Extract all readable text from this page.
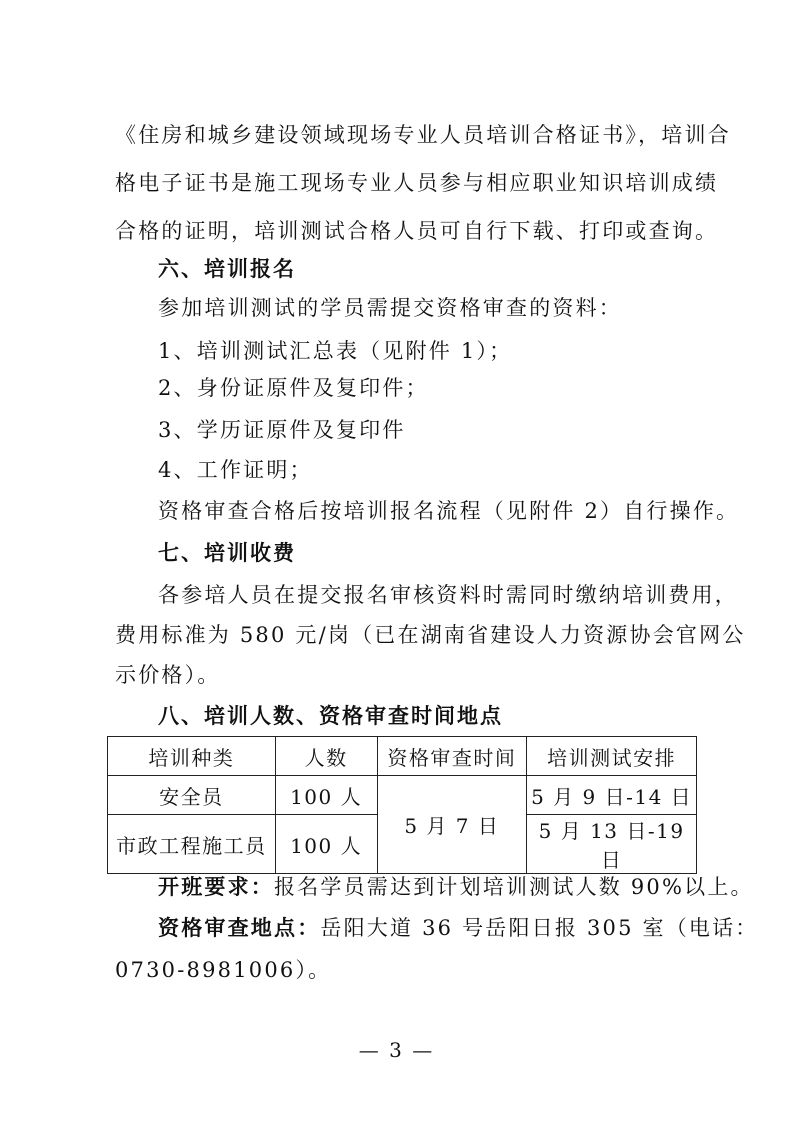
《住房和城乡建设领域现场专业人员培训合格证书》，培训合
格电子证书是施工现场专业人员参与相应职业知识培训成绩
合格的证明，培训测试合格人员可自行下载、打印或查询。
六、培训报名
参加培训测试的学员需提交资格审查的资料：
1、培训测试汇总表（见附件 1）；
2、身份证原件及复印件；
3、学历证原件及复印件
4、工作证明；
资格审查合格后按培训报名流程（见附件 2）自行操作。
七、培训收费
各参培人员在提交报名审核资料时需同时缴纳培训费用，
费用标准为 580 元/岗（已在湖南省建设人力资源协会官网公
示价格）。
八、培训人数、资格审查时间地点
培训种类	人数	资格审查时间	培训测试安排
安全员	100 人	5 月 7 日	5 月 9 日-14 日
市政工程施工员	100 人		5 月 13 日-19 日
开班要求：报名学员需达到计划培训测试人数 90%以上。
资格审查地点：岳阳大道 36 号岳阳日报 305 室（电话：
0730-8981006）。
— 3 —
